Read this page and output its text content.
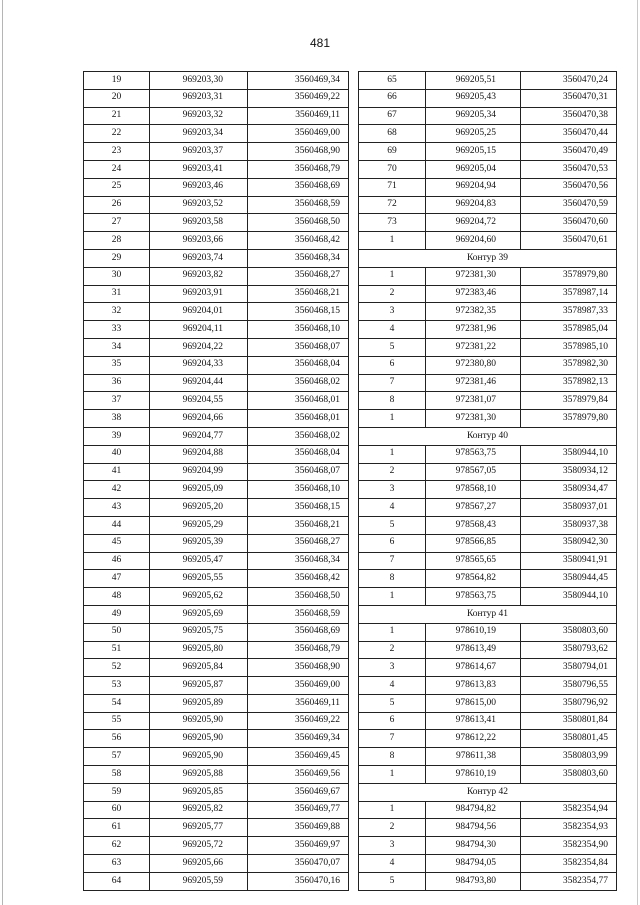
481
19	969203,30	3560469,34
20	969203,31	3560469,22
21	969203,32	3560469,11
22	969203,34	3560469,00
23	969203,37	3560468,90
24	969203,41	3560468,79
25	969203,46	3560468,69
26	969203,52	3560468,59
27	969203,58	3560468,50
28	969203,66	3560468,42
29	969203,74	3560468,34
30	969203,82	3560468,27
31	969203,91	3560468,21
32	969204,01	3560468,15
33	969204,11	3560468,10
34	969204,22	3560468,07
35	969204,33	3560468,04
36	969204,44	3560468,02
37	969204,55	3560468,01
38	969204,66	3560468,01
39	969204,77	3560468,02
40	969204,88	3560468,04
41	969204,99	3560468,07
42	969205,09	3560468,10
43	969205,20	3560468,15
44	969205,29	3560468,21
45	969205,39	3560468,27
46	969205,47	3560468,34
47	969205,55	3560468,42
48	969205,62	3560468,50
49	969205,69	3560468,59
50	969205,75	3560468,69
51	969205,80	3560468,79
52	969205,84	3560468,90
53	969205,87	3560469,00
54	969205,89	3560469,11
55	969205,90	3560469,22
56	969205,90	3560469,34
57	969205,90	3560469,45
58	969205,88	3560469,56
59	969205,85	3560469,67
60	969205,82	3560469,77
61	969205,77	3560469,88
62	969205,72	3560469,97
63	969205,66	3560470,07
64	969205,59	3560470,16
65	969205,51	3560470,24
66	969205,43	3560470,31
67	969205,34	3560470,38
68	969205,25	3560470,44
69	969205,15	3560470,49
70	969205,04	3560470,53
71	969204,94	3560470,56
72	969204,83	3560470,59
73	969204,72	3560470,60
1	969204,60	3560470,61
Контур 39		
1	972381,30	3578979,80
2	972383,46	3578987,14
3	972382,35	3578987,33
4	972381,96	3578985,04
5	972381,22	3578985,10
6	972380,80	3578982,30
7	972381,46	3578982,13
8	972381,07	3578979,84
1	972381,30	3578979,80
Контур 40		
1	978563,75	3580944,10
2	978567,05	3580934,12
3	978568,10	3580934,47
4	978567,27	3580937,01
5	978568,43	3580937,38
6	978566,85	3580942,30
7	978565,65	3580941,91
8	978564,82	3580944,45
1	978563,75	3580944,10
Контур 41		
1	978610,19	3580803,60
2	978613,49	3580793,62
3	978614,67	3580794,01
4	978613,83	3580796,55
5	978615,00	3580796,92
6	978613,41	3580801,84
7	978612,22	3580801,45
8	978611,38	3580803,99
1	978610,19	3580803,60
Контур 42		
1	984794,82	3582354,94
2	984794,56	3582354,93
3	984794,30	3582354,90
4	984794,05	3582354,84
5	984793,80	3582354,77
